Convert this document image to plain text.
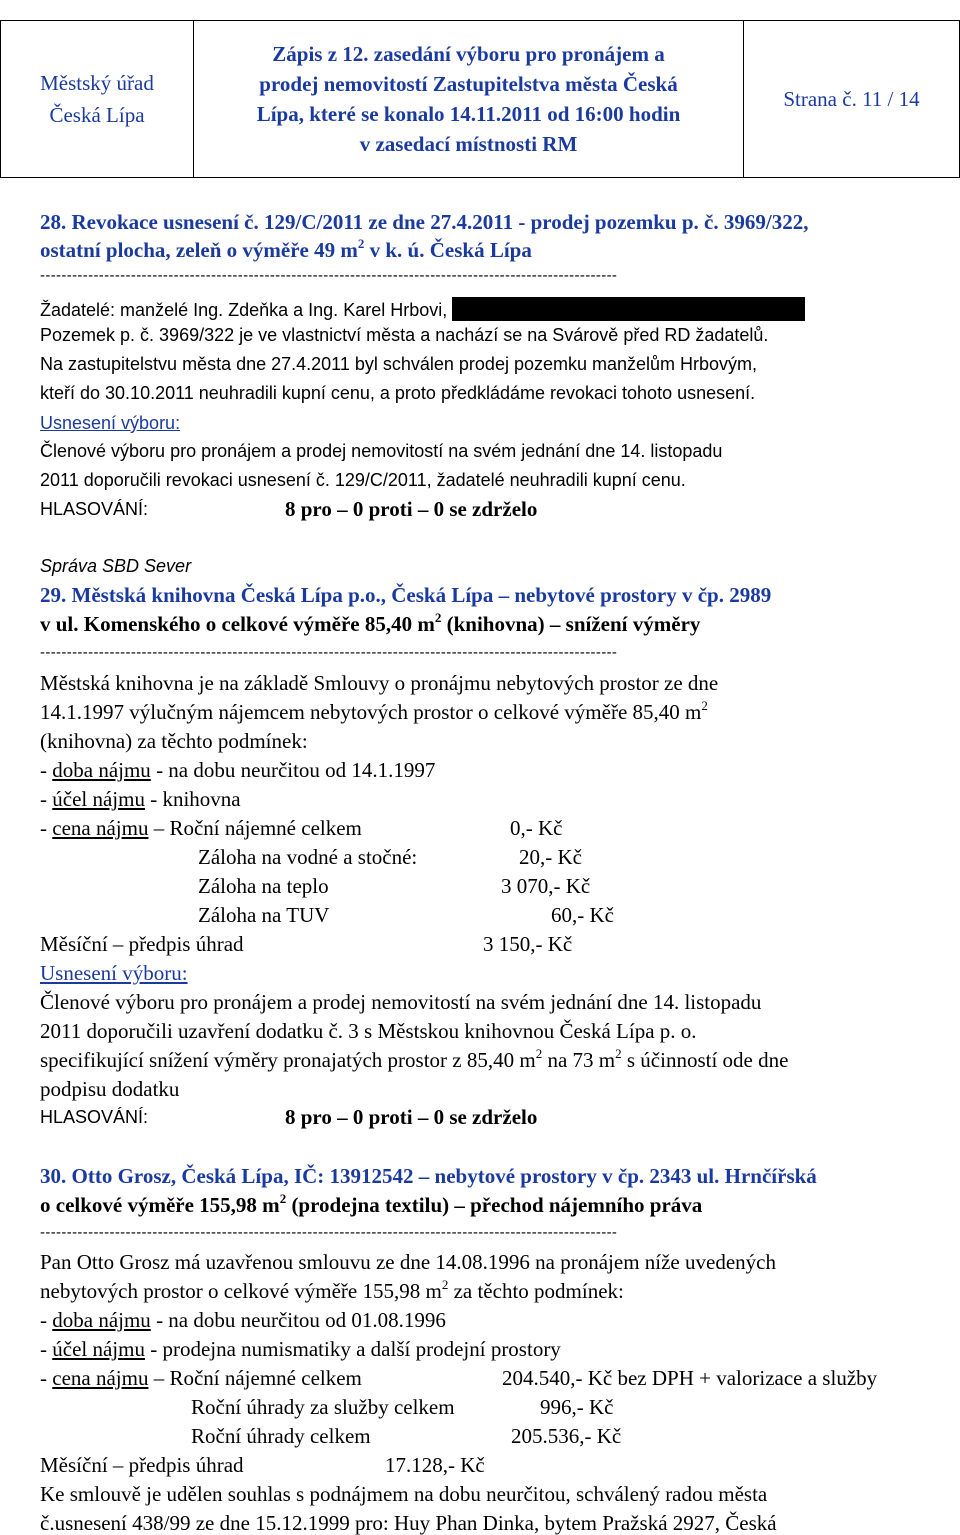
Městský úřad
Česká Lípa
Zápis z 12. zasedání výboru pro pronájem a
prodej nemovitostí Zastupitelstva města Česká
Lípa, které se konalo 14.11.2011 od 16:00 hodin
v zasedací místnosti RM
Strana č. 11 / 14
28. Revokace usnesení č. 129/C/2011 ze dne 27.4.2011 - prodej pozemku p. č. 3969/322,
ostatní plocha, zeleň o výměře 49 $m^2$ v k. ú. Česká Lípa
------------------------------------------------------------------------------------------------------------
Žadatelé: manželé Ing. Zdeňka a Ing. Karel Hrbovi,
Pozemek p. č. 3969/322 je ve vlastnictví města a nachází se na Svárově před RD žadatelů.
Na zastupitelstvu města dne 27.4.2011 byl schválen prodej pozemku manželům Hrbovým,
kteří do 30.10.2011 neuhradili kupní cenu, a proto předkládáme revokaci tohoto usnesení.
Usnesení výboru:
Členové výboru pro pronájem a prodej nemovitostí na svém jednání dne 14. listopadu
2011 doporučili revokaci usnesení č. 129/C/2011, žadatelé neuhradili kupní cenu.
HLASOVÁNÍ:	8 pro – 0 proti – 0 se zdrželo
Správa SBD Sever
29. Městská knihovna Česká Lípa p.o., Česká Lípa – nebytové prostory v čp. 2989
v ul. Komenského o celkové výměře 85,40 $m^2$ (knihovna) – snížení výměry
------------------------------------------------------------------------------------------------------------
Městská knihovna je na základě Smlouvy o pronájmu nebytových prostor ze dne
14.1.1997 výlučným nájemcem nebytových prostor o celkové výměře 85,40 $m^2$
(knihovna) za těchto podmínek:
- doba nájmu - na dobu neurčitou od 14.1.1997
- účel nájmu - knihovna
- cena nájmu – Roční nájemné celkem	0,- Kč
Záloha na vodné a stočné:	20,- Kč
Záloha na teplo	3 070,- Kč
Záloha na TUV	60,- Kč
Měsíční – předpis úhrad	3 150,- Kč
Usnesení výboru:
Členové výboru pro pronájem a prodej nemovitostí na svém jednání dne 14. listopadu
2011 doporučili uzavření dodatku č. 3 s Městskou knihovnou Česká Lípa p. o.
specifikující snížení výměry pronajatých prostor z 85,40 $m^2$ na 73 $m^2$ s účinností ode dne
podpisu dodatku
HLASOVÁNÍ:	8 pro – 0 proti – 0 se zdrželo
30. Otto Grosz, Česká Lípa, IČ: 13912542 – nebytové prostory v čp. 2343 ul. Hrnčířská
o celkové výměře 155,98 $m^2$ (prodejna textilu) – přechod nájemního práva
------------------------------------------------------------------------------------------------------------
Pan Otto Grosz má uzavřenou smlouvu ze dne 14.08.1996 na pronájem níže uvedených
nebytových prostor o celkové výměře 155,98 $m^2$ za těchto podmínek:
- doba nájmu - na dobu neurčitou od 01.08.1996
- účel nájmu - prodejna numismatiky a další prodejní prostory
- cena nájmu – Roční nájemné celkem	204.540,- Kč bez DPH + valorizace a služby
Roční úhrady za služby celkem	996,- Kč
Roční úhrady celkem	205.536,- Kč
Měsíční – předpis úhrad	17.128,- Kč
Ke smlouvě je udělen souhlas s podnájmem na dobu neurčitou, schválený radou města
č.usnesení 438/99 ze dne 15.12.1999 pro: Huy Phan Dinka, bytem Pražská 2927, Česká
